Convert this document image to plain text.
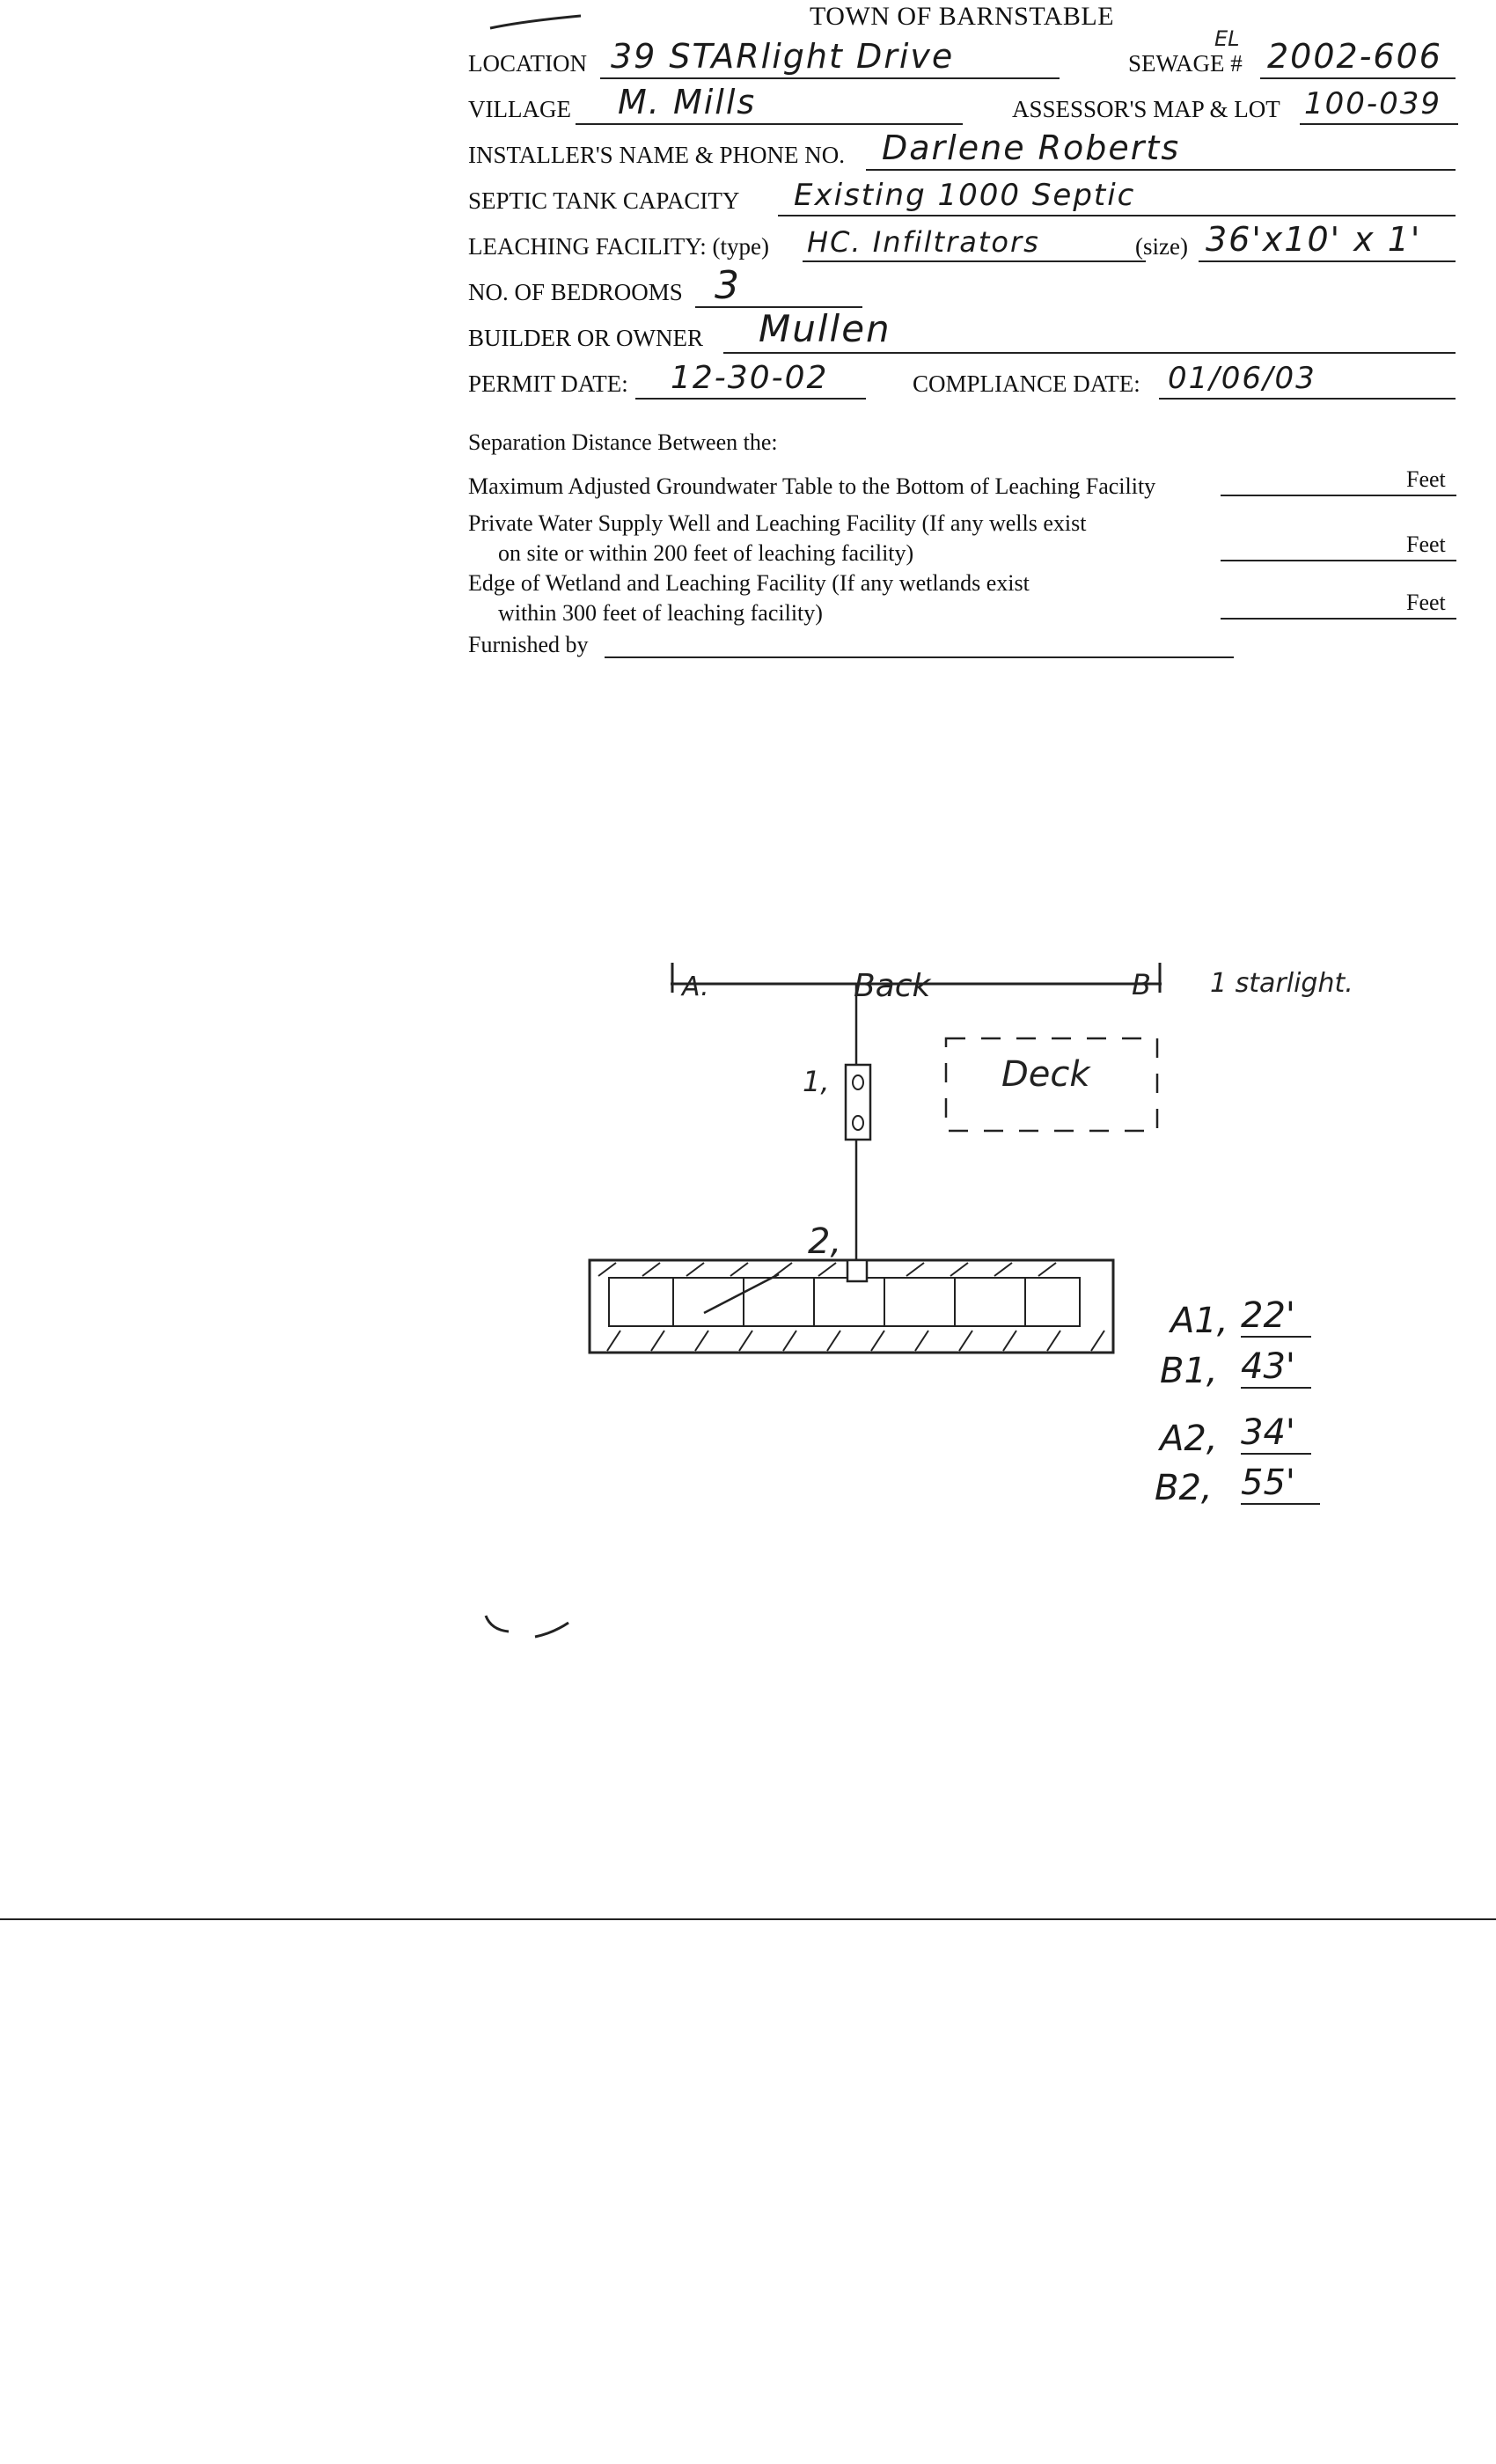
TOWN OF BARNSTABLE
LOCATION 39 STARlight Drive	SEWAGE #
EL 2002-606
VILLAGE M. Mills	ASSESSOR'S MAP & LOT 100-039
INSTALLER'S NAME & PHONE NO. Darlene Roberts
SEPTIC TANK CAPACITY Existing 1000 Septic
LEACHING FACILITY: (type) HC. Infiltrators	(size) 36'x10' x 1'
NO. OF BEDROOMS 3
BUILDER OR OWNER Mullen
PERMIT DATE: 12-30-02	COMPLIANCE DATE: 01/06/03
Separation Distance Between the:
Maximum Adjusted Groundwater Table to the Bottom of Leaching Facility	Feet
Private Water Supply Well and Leaching Facility (If any wells exist
on site or within 200 feet of leaching facility)	Feet
Edge of Wetland and Leaching Facility (If any wetlands exist
within 300 feet of leaching facility)	Feet
Furnished by
A.	Back	B 1 starlight.
Deck
1,
2,
A1, 22'
B1, 43'
A2, 34'
B2, 55'
